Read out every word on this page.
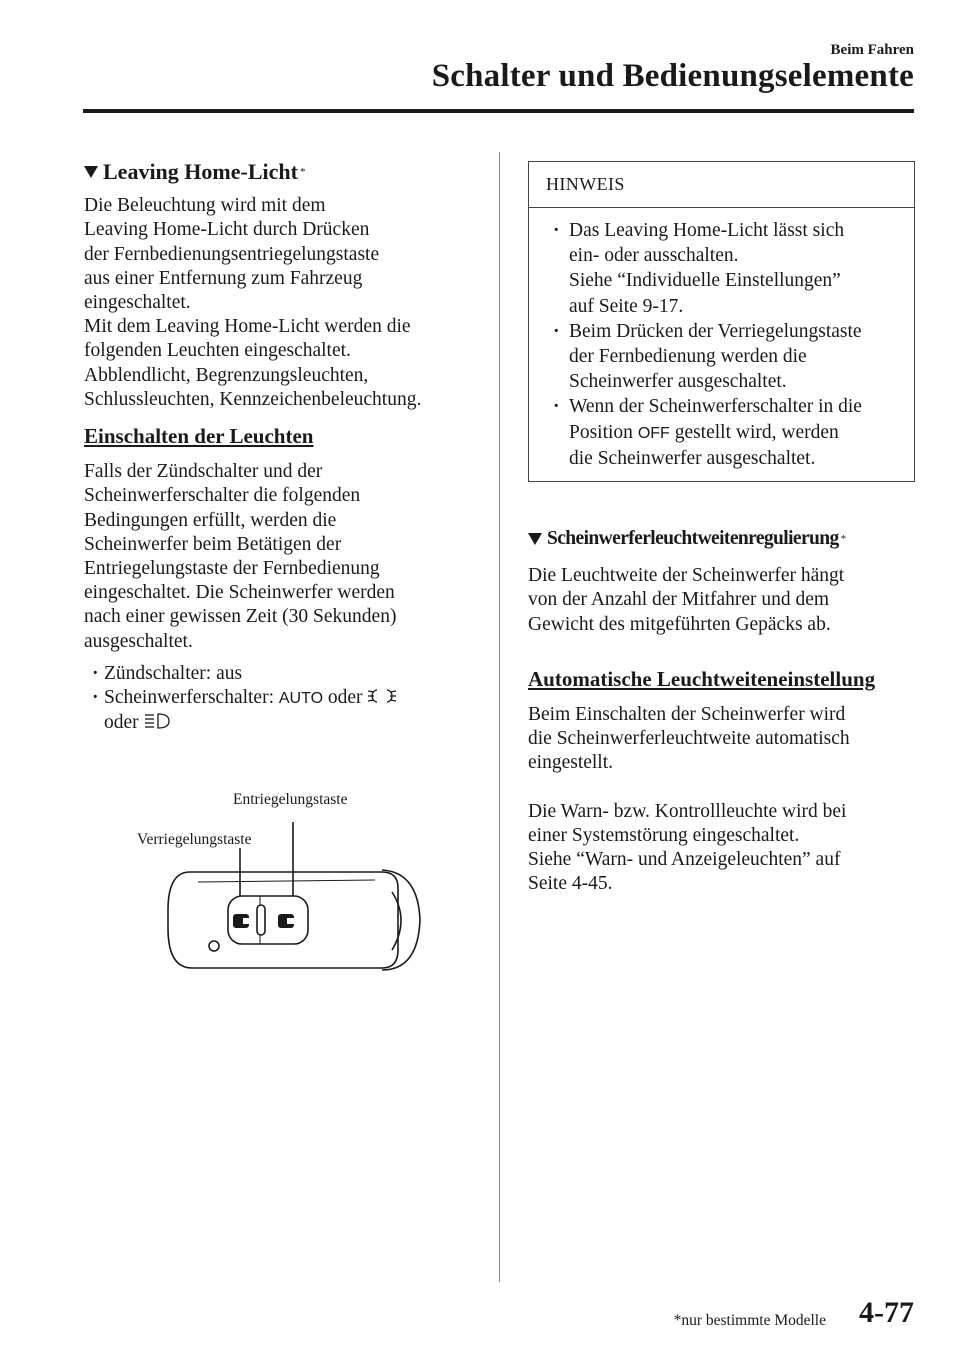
Beim Fahren
Schalter und Bedienungselemente
Leaving Home-Licht *

Die Beleuchtung wird mit dem
Leaving Home-Licht durch Drücken
der Fernbedienungsentriegelungstaste
aus einer Entfernung zum Fahrzeug
eingeschaltet.
Mit dem Leaving Home-Licht werden die
folgenden Leuchten eingeschaltet.
Abblendlicht, Begrenzungsleuchten,
Schlussleuchten, Kennzeichenbeleuchtung.

Einschalten der Leuchten

Falls der Zündschalter und der
Scheinwerferschalter die folgenden
Bedingungen erfüllt, werden die
Scheinwerfer beim Betätigen der
Entriegelungstaste der Fernbedienung
eingeschaltet. Die Scheinwerfer werden
nach einer gewissen Zeit (30 Sekunden)
ausgeschaltet.

· Zündschalter: aus
· Scheinwerferschalter: AUTO oder
oder
Entriegelungstaste
Verriegelungstaste
HINWEIS
· Das Leaving Home-Licht lässt sich
ein- oder ausschalten.
Siehe “Individuelle Einstellungen”
auf Seite 9-17.
· Beim Drücken der Verriegelungstaste
der Fernbedienung werden die
Scheinwerfer ausgeschaltet.
· Wenn der Scheinwerferschalter in die
Position OFF gestellt wird, werden
die Scheinwerfer ausgeschaltet.
Scheinwerferleuchtweitenregulierung *

Die Leuchtweite der Scheinwerfer hängt
von der Anzahl der Mitfahrer und dem
Gewicht des mitgeführten Gepäcks ab.

Automatische Leuchtweiteneinstellung

Beim Einschalten der Scheinwerfer wird
die Scheinwerferleuchtweite automatisch
eingestellt.

Die Warn- bzw. Kontrollleuchte wird bei
einer Systemstörung eingeschaltet.
Siehe “Warn- und Anzeigeleuchten” auf
Seite 4-45.

*nur bestimmte Modelle 4-77
